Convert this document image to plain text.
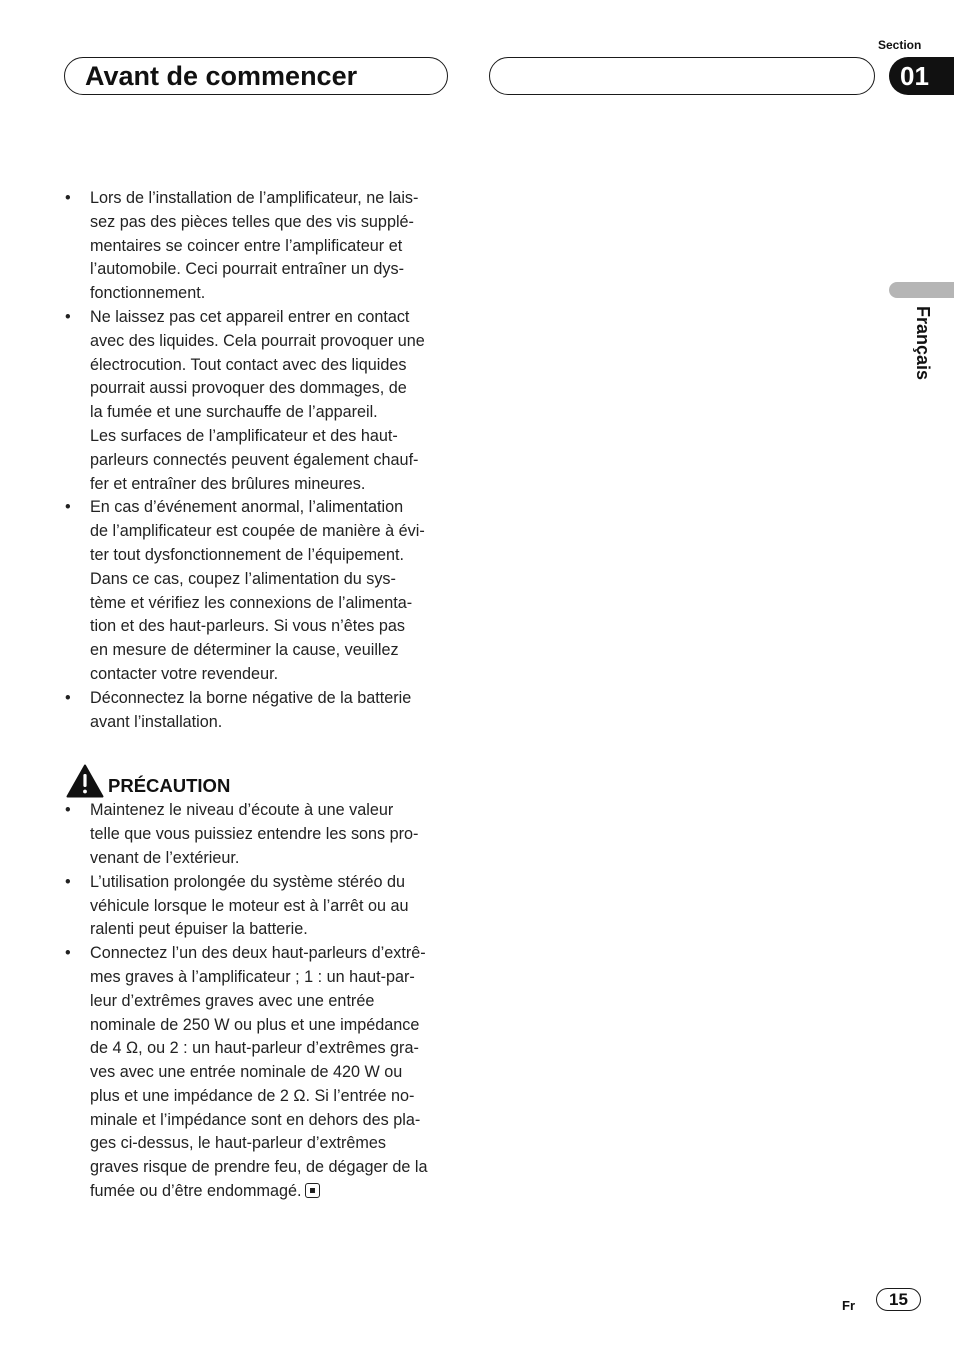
Avant de commencer
Section
01
Français
• Lors de l’installation de l’amplificateur, ne lais-
sez pas des pièces telles que des vis supplé-
mentaires se coincer entre l’amplificateur et
l’automobile. Ceci pourrait entraîner un dys-
fonctionnement.
• Ne laissez pas cet appareil entrer en contact
avec des liquides. Cela pourrait provoquer une
électrocution. Tout contact avec des liquides
pourrait aussi provoquer des dommages, de
la fumée et une surchauffe de l’appareil.
Les surfaces de l’amplificateur et des haut-
parleurs connectés peuvent également chauf-
fer et entraîner des brûlures mineures.
• En cas d’événement anormal, l’alimentation
de l’amplificateur est coupée de manière à évi-
ter tout dysfonctionnement de l’équipement.
Dans ce cas, coupez l’alimentation du sys-
tème et vérifiez les connexions de l’alimenta-
tion et des haut-parleurs. Si vous n’êtes pas
en mesure de déterminer la cause, veuillez
contacter votre revendeur.
• Déconnectez la borne négative de la batterie
avant l’installation.
PRÉCAUTION
• Maintenez le niveau d’écoute à une valeur
telle que vous puissiez entendre les sons pro-
venant de l’extérieur.
• L’utilisation prolongée du système stéréo du
véhicule lorsque le moteur est à l’arrêt ou au
ralenti peut épuiser la batterie.
• Connectez l’un des deux haut-parleurs d’extrê-
mes graves à l’amplificateur ; 1 : un haut-par-
leur d’extrêmes graves avec une entrée
nominale de 250 W ou plus et une impédance
de 4 Ω, ou 2 : un haut-parleur d’extrêmes gra-
ves avec une entrée nominale de 420 W ou
plus et une impédance de 2 Ω. Si l’entrée no-
minale et l’impédance sont en dehors des pla-
ges ci-dessus, le haut-parleur d’extrêmes
graves risque de prendre feu, de dégager de la
fumée ou d’être endommagé.
Fr	15
